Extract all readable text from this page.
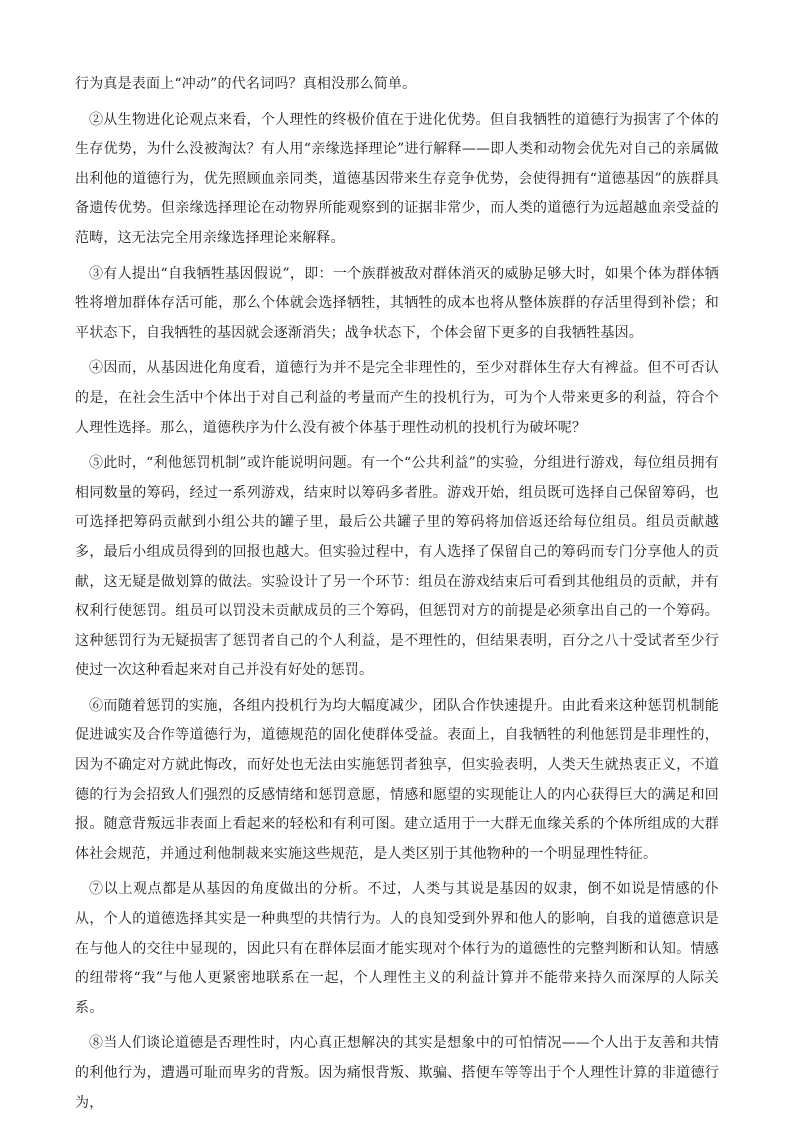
行为真是表面上“冲动”的代名词吗？真相没那么简单。

②从生物进化论观点来看，个人理性的终极价值在于进化优势。但自我牺牲的道德行为损害了个体的生存优势，为什么没被淘汰？有人用“亲缘选择理论”进行解释——即人类和动物会优先对自己的亲属做出利他的道德行为，优先照顾血亲同类，道德基因带来生存竞争优势，会使得拥有“道德基因”的族群具备遗传优势。但亲缘选择理论在动物界所能观察到的证据非常少，而人类的道德行为远超越血亲受益的范畴，这无法完全用亲缘选择理论来解释。

③有人提出“自我牺牲基因假说”，即：一个族群被敌对群体消灭的威胁足够大时，如果个体为群体牺牲将增加群体存活可能，那么个体就会选择牺牲，其牺牲的成本也将从整体族群的存活里得到补偿；和平状态下，自我牺牲的基因就会逐渐消失；战争状态下，个体会留下更多的自我牺牲基因。

④因而，从基因进化角度看，道德行为并不是完全非理性的，至少对群体生存大有裨益。但不可否认的是，在社会生活中个体出于对自己利益的考量而产生的投机行为，可为个人带来更多的利益，符合个人理性选择。那么，道德秩序为什么没有被个体基于理性动机的投机行为破坏呢？

⑤此时，“利他惩罚机制”或许能说明问题。有一个“公共利益”的实验，分组进行游戏，每位组员拥有相同数量的筹码，经过一系列游戏，结束时以筹码多者胜。游戏开始，组员既可选择自己保留筹码，也可选择把筹码贡献到小组公共的罐子里，最后公共罐子里的筹码将加倍返还给每位组员。组员贡献越多，最后小组成员得到的回报也越大。但实验过程中，有人选择了保留自己的筹码而专门分享他人的贡献，这无疑是做划算的做法。实验设计了另一个环节：组员在游戏结束后可看到其他组员的贡献，并有权利行使惩罚。组员可以罚没未贡献成员的三个筹码，但惩罚对方的前提是必须拿出自己的一个筹码。这种惩罚行为无疑损害了惩罚者自己的个人利益，是不理性的，但结果表明，百分之八十受试者至少行使过一次这种看起来对自己并没有好处的惩罚。

⑥而随着惩罚的实施，各组内投机行为均大幅度减少，团队合作快速提升。由此看来这种惩罚机制能促进诚实及合作等道德行为，道德规范的固化使群体受益。表面上，自我牺牲的利他惩罚是非理性的，因为不确定对方就此悔改，而好处也无法由实施惩罚者独享，但实验表明，人类天生就热衷正义，不道德的行为会招致人们强烈的反感情绪和惩罚意愿，情感和愿望的实现能让人的内心获得巨大的满足和回报。随意背叛远非表面上看起来的轻松和有利可图。建立适用于一大群无血缘关系的个体所组成的大群体社会规范，并通过利他制裁来实施这些规范，是人类区别于其他物种的一个明显理性特征。

⑦以上观点都是从基因的角度做出的分析。不过，人类与其说是基因的奴隶，倒不如说是情感的仆从，个人的道德选择其实是一种典型的共情行为。人的良知受到外界和他人的影响，自我的道德意识是在与他人的交往中显现的，因此只有在群体层面才能实现对个体行为的道德性的完整判断和认知。情感的纽带将“我”与他人更紧密地联系在一起，个人理性主义的利益计算并不能带来持久而深厚的人际关系。

⑧当人们谈论道德是否理性时，内心真正想解决的其实是想象中的可怕情况——个人出于友善和共情的利他行为，遭遇可耻而卑劣的背叛。因为痛恨背叛、欺骗、搭便车等等出于个人理性计算的非道德行为，
